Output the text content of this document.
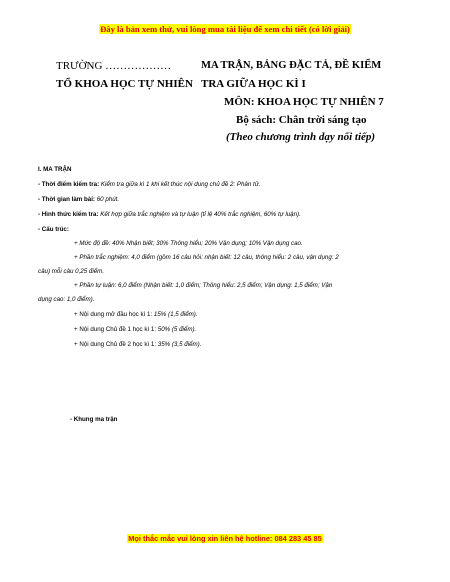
Đây là bản xem thử, vui lòng mua tài liệu để xem chi tiết (có lời giải)
TRƯỜNG ………………
TỔ KHOA HỌC TỰ NHIÊN
MA TRẬN, BẢNG ĐẶC TẢ, ĐỀ KIỂM
TRA GIỮA HỌC KÌ I
MÔN: KHOA HỌC TỰ NHIÊN 7
Bộ sách: Chân trời sáng tạo
(Theo chương trình dạy nối tiếp)
I. MA TRẬN
- Thời điểm kiểm tra: Kiểm tra giữa kì 1 khi kết thúc nội dung chủ đề 2: Phân tử.
- Thời gian làm bài: 60 phút.
- Hình thức kiểm tra: Kết hợp giữa trắc nghiệm và tự luận (tỉ lệ 40% trắc nghiệm, 60% tự luận).
- Cấu trúc:
+ Mức độ đề: 40% Nhận biết; 30% Thông hiểu; 20% Vận dụng; 10% Vận dụng cao.
+ Phần trắc nghiệm: 4,0 điểm (gồm 16 câu hỏi: nhận biết: 12 câu, thông hiểu: 2 câu, vận dụng: 2
câu) mỗi câu 0,25 điểm.
+ Phần tự luận: 6,0 điểm (Nhận biết: 1,0 điểm; Thông hiểu: 2,5 điểm; Vận dụng: 1,5 điểm; Vận
dụng cao: 1,0 điểm).
+ Nội dung mở đầu học kì 1: 15% (1,5 điểm).
+ Nội dung Chủ đề 1 học kì 1: 50% (5 điểm).
+ Nội dung Chủ đề 2 học kì 1: 35% (3,5 điểm).
- Khung ma trận
Mọi thắc mắc vui lòng xin liên hệ hotline: 084 283 45 85
